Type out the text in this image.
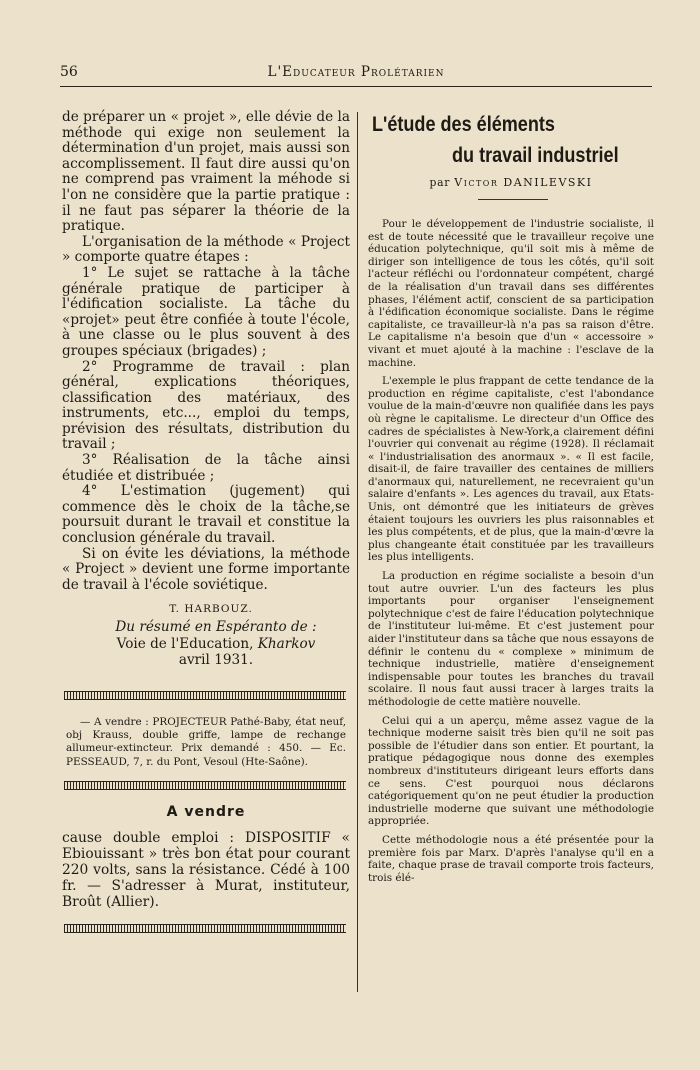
56	L'Educateur Prolétarien

de préparer un « projet », elle dévie de la méthode qui exige non seulement la détermination d'un projet, mais aussi son accomplissement. Il faut dire aussi qu'on ne comprend pas vraiment la méhode si l'on ne considère que la partie pratique : il ne faut pas séparer la théorie de la pratique.

L'organisation de la méthode « Project » comporte quatre étapes :

1° Le sujet se rattache à la tâche générale pratique de participer à l'édification socialiste. La tâche du «projet» peut être confiée à toute l'école, à une classe ou le plus souvent à des groupes spéciaux (brigades) ;

2° Programme de travail : plan général, explications théoriques, classification des matériaux, des instruments, etc..., emploi du temps, prévision des résultats, distribution du travail ;

3° Réalisation de la tâche ainsi étudiée et distribuée ;

4° L'estimation (jugement) qui commence dès le choix de la tâche,se poursuit durant le travail et constitue la conclusion générale du travail.

Si on évite les déviations, la méthode « Project » devient une forme importante de travail à l'école soviétique.

T. HARBOUZ.
Du résumé en Espéranto de :
Voie de l'Education, Kharkov
avril 1931.

— A vendre : PROJECTEUR Pathé-Baby, état neuf, obj Krauss, double griffe, lampe de rechange allumeur-extincteur. Prix demandé : 450. — Ec. PESSEAUD, 7, r. du Pont, Vesoul (Hte-Saône).

A vendre

cause double emploi : DISPOSITIF « Ebiouissant » très bon état pour courant 220 volts, sans la résistance. Cédé à 100 fr. — S'adresser à Murat, instituteur, Broût (Allier).

L'étude des éléments
du travail industriel
par Victor DANILEVSKI

Pour le développement de l'industrie socialiste, il est de toute nécessité que le travailleur reçoive une éducation polytechnique, qu'il soit mis à même de diriger son intelligence de tous les côtés, qu'il soit l'acteur réfléchi ou l'ordonnateur compétent, chargé de la réalisation d'un travail dans ses différentes phases, l'élément actif, conscient de sa participation à l'édification économique socialiste. Dans le régime capitaliste, ce travailleur-là n'a pas sa raison d'être. Le capitalisme n'a besoin que d'un « accessoire » vivant et muet ajouté à la machine : l'esclave de la machine.

L'exemple le plus frappant de cette tendance de la production en régime capitaliste, c'est l'abondance voulue de la main-d'œuvre non qualifiée dans les pays où règne le capitalisme. Le directeur d'un Office des cadres de spécialistes à New-York,a clairement défini l'ouvrier qui convenait au régime (1928). Il réclamait « l'industrialisation des anormaux ». « Il est facile, disait-il, de faire travailler des centaines de milliers d'anormaux qui, naturellement, ne recevraient qu'un salaire d'enfants ». Les agences du travail, aux Etats-Unis, ont démontré que les initiateurs de grèves étaient toujours les ouvriers les plus raisonnables et les plus compétents, et de plus, que la main-d'œvre la plus changeante était constituée par les travailleurs les plus intelligents.

La production en régime socialiste a besoin d'un tout autre ouvrier. L'un des facteurs les plus importants pour organiser l'enseignement polytechnique c'est de faire l'éducation polytechnique de l'instituteur lui-même. Et c'est justement pour aider l'instituteur dans sa tâche que nous essayons de définir le contenu du « complexe » minimum de technique industrielle, matière d'enseignement indispensable pour toutes les branches du travail scolaire. Il nous faut aussi tracer à larges traits la méthodologie de cette matière nouvelle.

Celui qui a un aperçu, même assez vague de la technique moderne saisit très bien qu'il ne soit pas possible de l'étudier dans son entier. Et pourtant, la pratique pédagogique nous donne des exemples nombreux d'instituteurs dirigeant leurs efforts dans ce sens. C'est pourquoi nous déclarons catégoriquement qu'on ne peut étudier la production industrielle moderne que suivant une méthodologie appropriée.

Cette méthodologie nous a été présentée pour la première fois par Marx. D'après l'analyse qu'il en a faite, chaque prase de travail comporte trois facteurs, trois élé-
